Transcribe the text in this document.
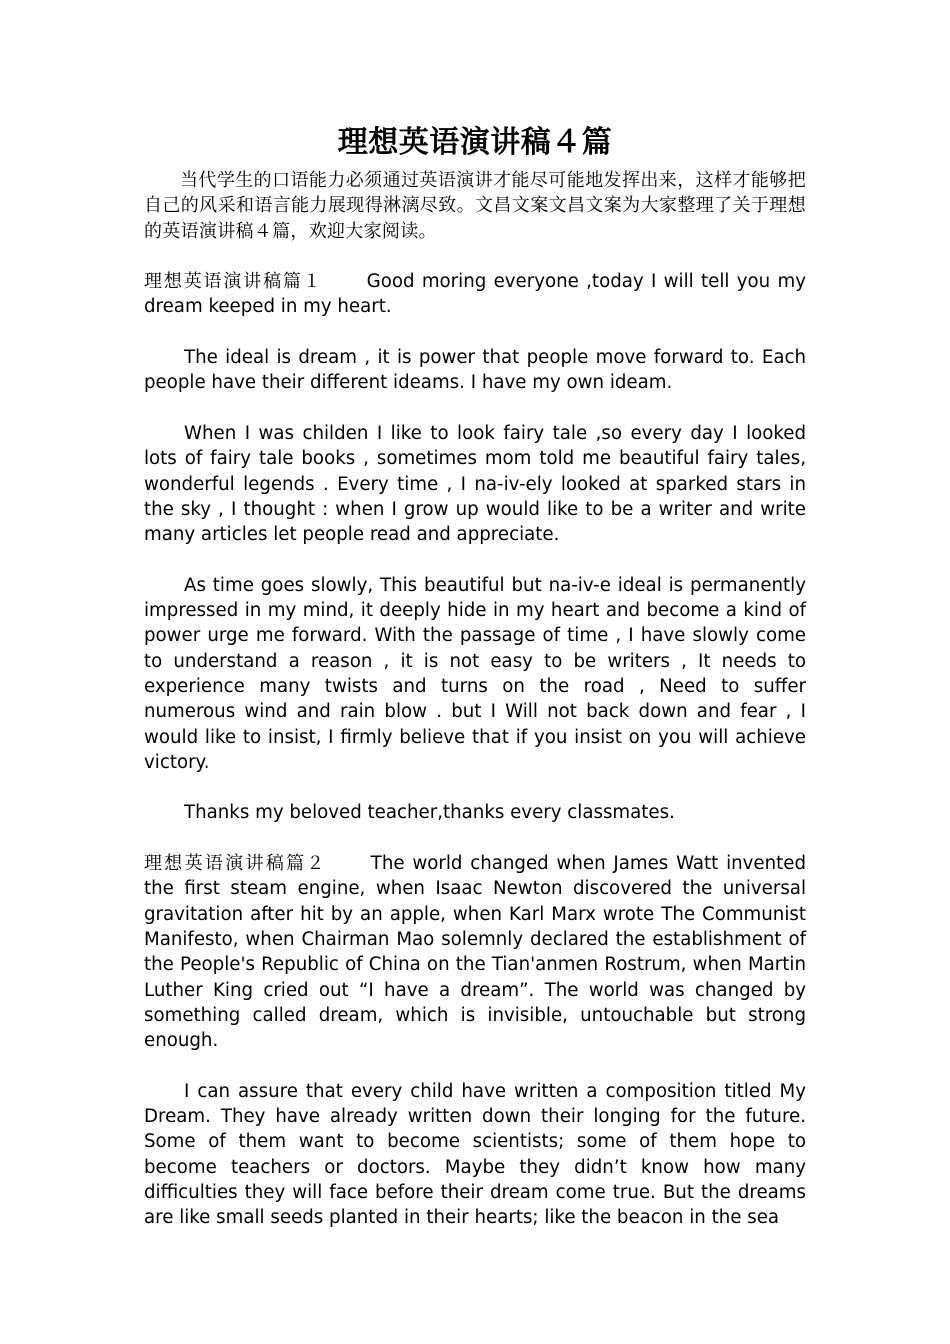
理想英语演讲稿４篇

当代学生的口语能力必须通过英语演讲才能尽可能地发挥出来，这样才能够把自己的风采和语言能力展现得淋漓尽致。文昌文案文昌文案为大家整理了关于理想的英语演讲稿４篇，欢迎大家阅读。

理想英语演讲稿篇１ Good moring everyone ,today I will tell you my dream keeped in my heart.

The ideal is dream , it is power that people move forward to. Each people have their different ideams. I have my own ideam.

When I was childen I like to look fairy tale ,so every day I looked lots of fairy tale books , sometimes mom told me beautiful fairy tales, wonderful legends . Every time , I na-iv-ely looked at sparked stars in the sky , I thought : when I grow up would like to be a writer and write many articles let people read and appreciate.

As time goes slowly, This beautiful but na-iv-e ideal is permanently impressed in my mind, it deeply hide in my heart and become a kind of power urge me forward. With the passage of time , I have slowly come to understand a reason , it is not easy to be writers , It needs to experience many twists and turns on the road , Need to suffer numerous wind and rain blow . but I Will not back down and fear , I would like to insist, I firmly believe that if you insist on you will achieve victory.

Thanks my beloved teacher,thanks every classmates.

理想英语演讲稿篇２ The world changed when James Watt invented the first steam engine, when Isaac Newton discovered the universal gravitation after hit by an apple, when Karl Marx wrote The Communist Manifesto, when Chairman Mao solemnly declared the establishment of the People's Republic of China on the Tian'anmen Rostrum, when Martin Luther King cried out “I have a dream”. The world was changed by something called dream, which is invisible, untouchable but strong enough.

I can assure that every child have written a composition titled My Dream. They have already written down their longing for the future. Some of them want to become scientists; some of them hope to become teachers or doctors. Maybe they didn’t know how many difficulties they will face before their dream come true. But the dreams are like small seeds planted in their hearts; like the beacon in the sea
